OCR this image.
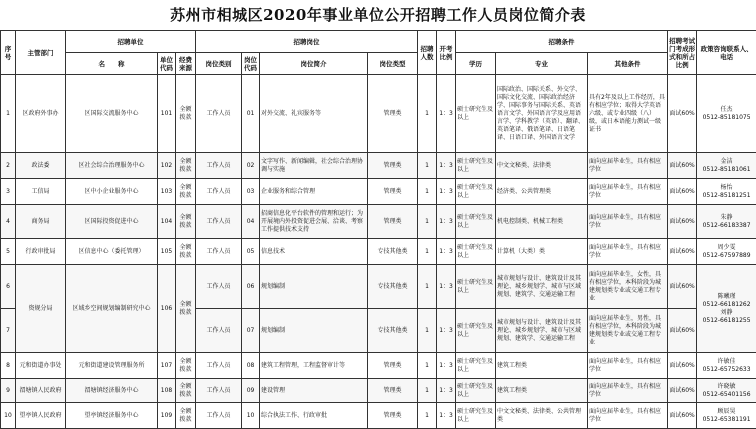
苏州市相城区2020年事业单位公开招聘工作人员岗位简介表
序号	主管部门	招聘单位			招聘岗位				招聘人数	开考比例	招聘条件			招聘考试门考成形式和所占比例	政策咨询联系人、电话
		名　　称	单位代码	经费来源	岗位类别	岗位代码	岗位简介	岗位类型			学历	专业	其他条件		
1	区政府外事办	区国际交流服务中心	101	全额拨款	工作人员	01	对外交流、礼宾服务等	管理类	1	1：3	硕士研究生及以上	国际政治、国际关系、外交学、国际文化交流、国际政治经济学、国际事务与国际关系、英语语言文学、外国语言学及应用语言学、学科教学（英语）、翻译、英语笔译、俄语笔译、日语笔译、日语口译、外国语言文学	具有2年及以上工作经历，具有相应学位；取得大学英语六级、或专业四级（八）级，或日本语能力测试一级证书	面试60%	任杰
0512-85181075
2	政法委	区社会综合治理服务中心	102	全额拨款	工作人员	02	文字写作、新闻编辑，社会综合治理协调与实施	管理类	1	1：3	硕士研究生及以上	中文文秘类、法律类	面向应届毕业生，具有相应学位	面试60%	金洁
0512-85181061
3	工信局	区中小企业服务中心	103	全额拨款	工作人员	03	企业服务和综合管理	管理类	1	1：3	硕士研究生及以上	经济类、公共管理类	面向应届毕业生，具有相应学位	面试60%	杨怡
0512-85181251
4	商务局	区国际投资促进中心	104	全额拨款	工作人员	04	招商信息化平台软件的管理和运行；为开展境内外投资促进会展、洽谈、考察工作提供技术支持	管理类	1	1：3	硕士研究生及以上	机电控制类、机械工程类	面向应届毕业生，具有相应学位	面试60%	朱静
0512-66183387
5	行政审批局	区信息中心（委托管理）	105	全额拨款	工作人员	05	信息技术	专技其他类	1	1：3	硕士研究生及以上	计算机（大类）类	面向应届毕业生，具有相应学位	面试60%	周少雯
0512-67597889
6	资规分局	区域乡空间规划编制研究中心	106	全额拨款	工作人员	06	规划编制	专技其他类	1	1：3	硕士研究生及以上	城市规划与设计、建筑设计及其理论、城乡规划学、城市与区域规划、建筑学、交通运输工程	面向应届毕业生，女性，具有相应学位，本科阶段为城建规划类专业或交通工程专业	面试60%	陈曦瑾
0512-66181262
刘静
0512-66181255
7					工作人员	07	规划编制	专技其他类	1	1：3	硕士研究生及以上	城市规划与设计、建筑设计及其理论、城乡规划学、城市与区域规划、建筑学、交通运输工程	面向应届毕业生，男性，具有相应学位，本科阶段为城建规划类专业或交通工程专业	面试60%	
8	元和街道办事处	元和街道建设管理服务所	107	全额拨款	工作人员	08	建筑工程管理，工程监督审计等	管理类	1	1：3	硕士研究生及以上	建筑工程类	面向应届毕业生，具有相应学位	面试60%	许敏佳
0512-65752633
9	渭塘镇人民政府	渭塘镇经济服务中心	108	全额拨款	工作人员	09	建设管理	管理类	1	1：3	硕士研究生及以上	建筑工程类	面向应届毕业生，具有相应学位	面试60%	许晓敏
0512-65401156
10	望亭镇人民政府	望亭镇经济服务中心	109	全额拨款	工作人员	10	综合执法工作、行政审批	管理类	1	1：3	硕士研究生及以上	中文文秘类、法律类、公共管理类	面向应届毕业生，具有相应学位	面试60%	顾辰昊
0512-65381191
